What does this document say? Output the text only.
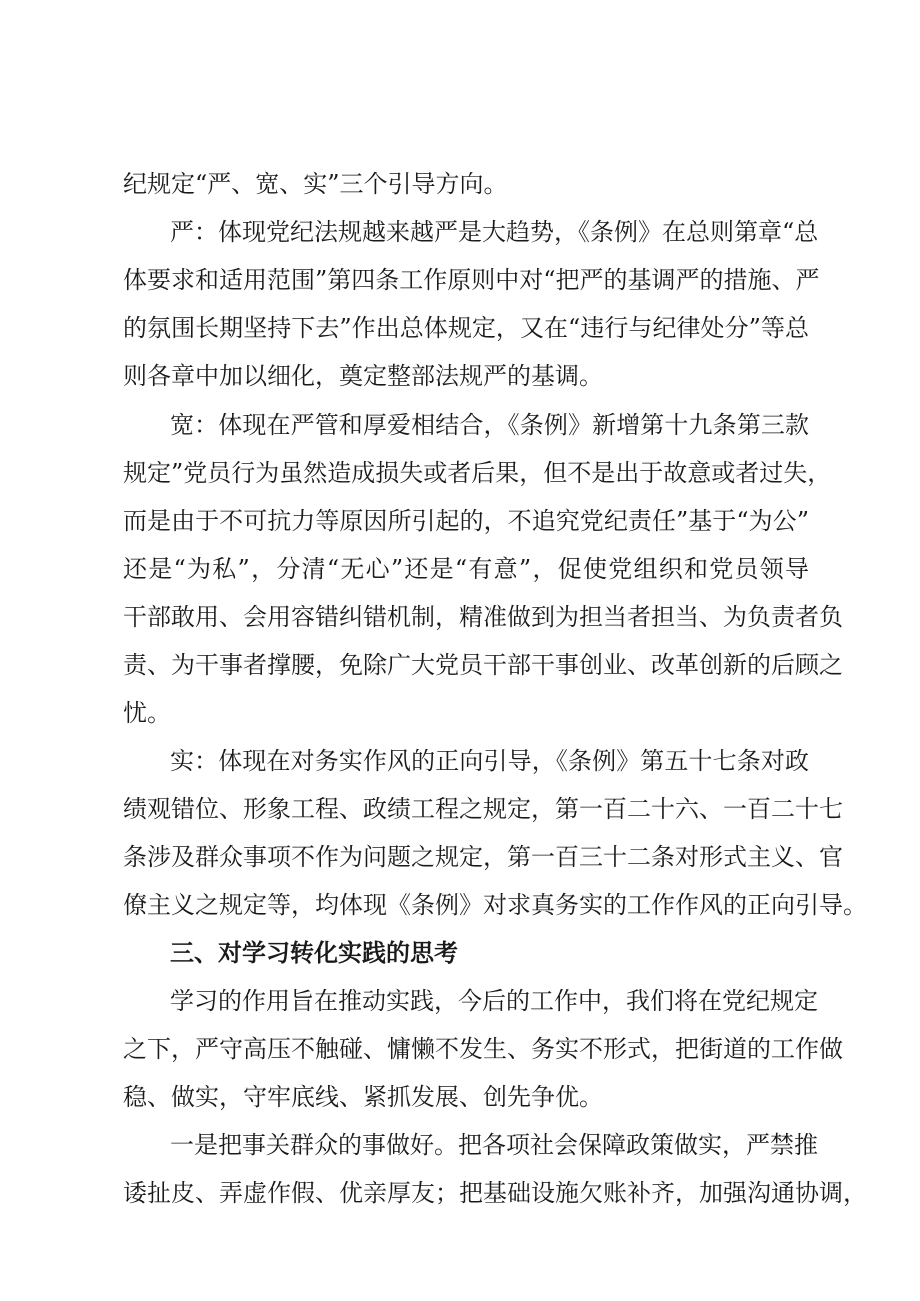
纪规定“严、宽、实”三个引导方向。
严：体现党纪法规越来越严是大趋势，《条例》在总则第章“总
体要求和适用范围”第四条工作原则中对“把严的基调严的措施、严
的氛围长期坚持下去”作出总体规定，又在“违行与纪律处分”等总
则各章中加以细化，奠定整部法规严的基调。
宽：体现在严管和厚爱相结合，《条例》新增第十九条第三款
规定”党员行为虽然造成损失或者后果，但不是出于故意或者过失，
而是由于不可抗力等原因所引起的，不追究党纪责任”基于“为公”
还是“为私”，分清“无心”还是“有意”，促使党组织和党员领导
干部敢用、会用容错纠错机制，精准做到为担当者担当、为负责者负
责、为干事者撑腰，免除广大党员干部干事创业、改革创新的后顾之
忧。
实：体现在对务实作风的正向引导，《条例》第五十七条对政
绩观错位、形象工程、政绩工程之规定，第一百二十六、一百二十七
条涉及群众事项不作为问题之规定，第一百三十二条对形式主义、官
僚主义之规定等，均体现《条例》对求真务实的工作作风的正向引导。
三、对学习转化实践的思考
学习的作用旨在推动实践，今后的工作中，我们将在党纪规定
之下，严守高压不触碰、慵懒不发生、务实不形式，把街道的工作做
稳、做实，守牢底线、紧抓发展、创先争优。
一是把事关群众的事做好。把各项社会保障政策做实，严禁推
诿扯皮、弄虚作假、优亲厚友；把基础设施欠账补齐，加强沟通协调，
